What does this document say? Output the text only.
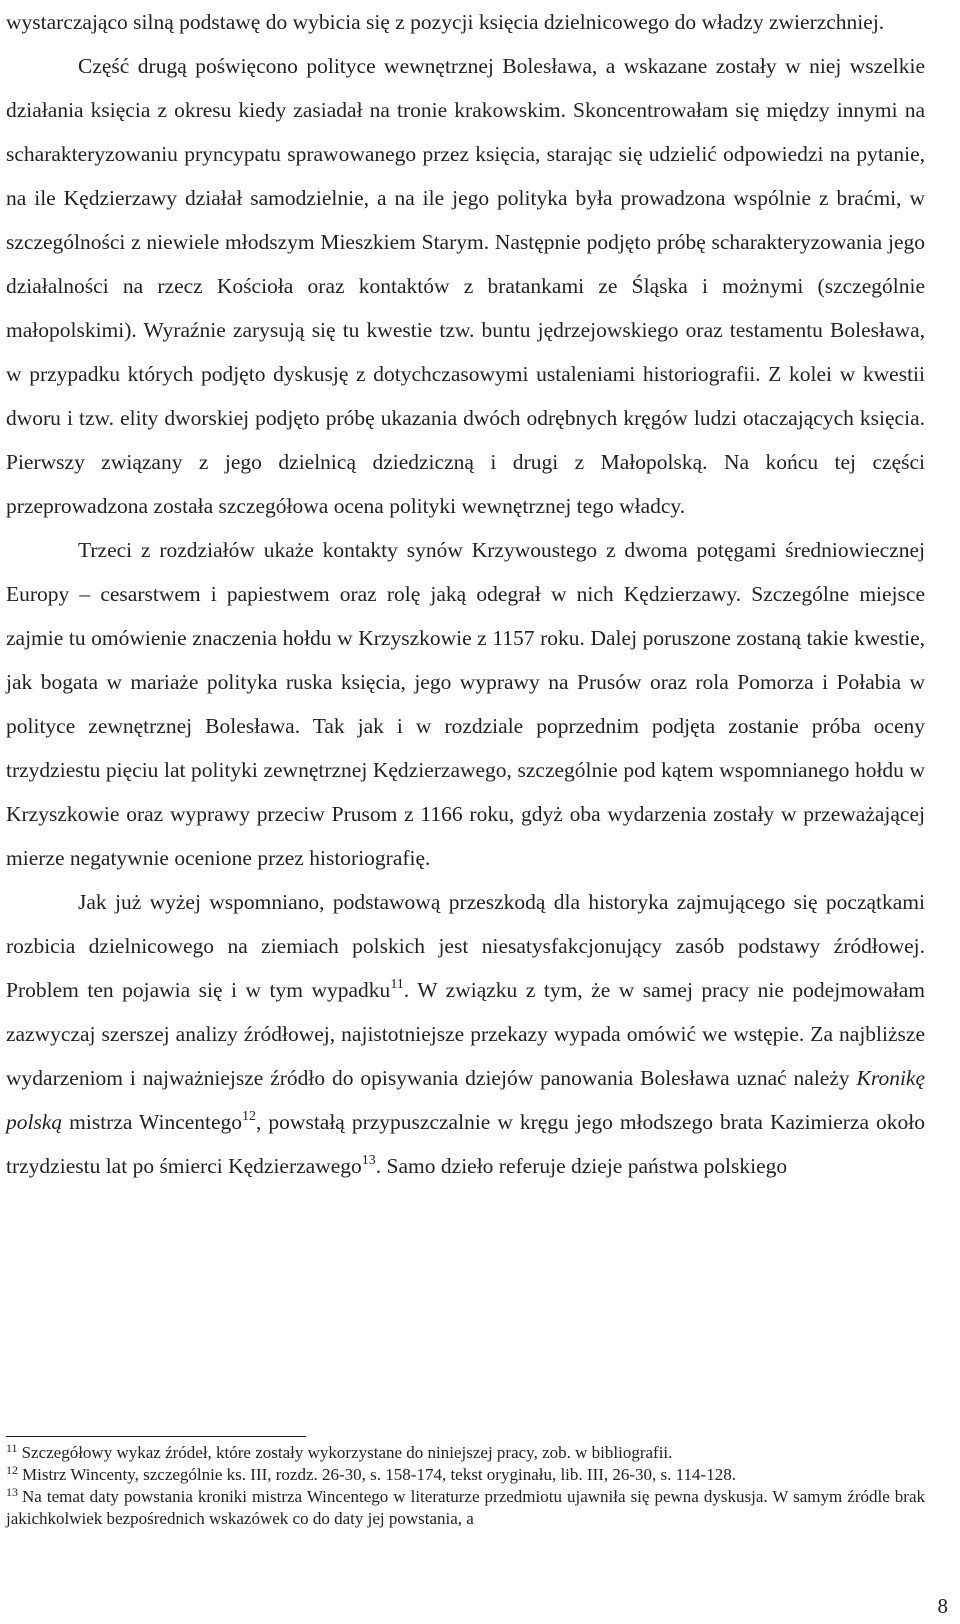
wystarczająco silną podstawę do wybicia się z pozycji księcia dzielnicowego do władzy zwierzchniej.

Część drugą poświęcono polityce wewnętrznej Bolesława, a wskazane zostały w niej wszelkie działania księcia z okresu kiedy zasiadał na tronie krakowskim. Skoncentrowałam się między innymi na scharakteryzowaniu pryncypatu sprawowanego przez księcia, starając się udzielić odpowiedzi na pytanie, na ile Kędzierzawy działał samodzielnie, a na ile jego polityka była prowadzona wspólnie z braćmi, w szczególności z niewiele młodszym Mieszkiem Starym. Następnie podjęto próbę scharakteryzowania jego działalności na rzecz Kościoła oraz kontaktów z bratankami ze Śląska i możnymi (szczególnie małopolskimi). Wyraźnie zarysują się tu kwestie tzw. buntu jędrzejowskiego oraz testamentu Bolesława, w przypadku których podjęto dyskusję z dotychczasowymi ustaleniami historiografii. Z kolei w kwestii dworu i tzw. elity dworskiej podjęto próbę ukazania dwóch odrębnych kręgów ludzi otaczających księcia. Pierwszy związany z jego dzielnicą dziedziczną i drugi z Małopolską. Na końcu tej części przeprowadzona została szczegółowa ocena polityki wewnętrznej tego władcy.

Trzeci z rozdziałów ukaże kontakty synów Krzywoustego z dwoma potęgami średniowiecznej Europy – cesarstwem i papiestwem oraz rolę jaką odegrał w nich Kędzierzawy. Szczególne miejsce zajmie tu omówienie znaczenia hołdu w Krzyszkowie z 1157 roku. Dalej poruszone zostaną takie kwestie, jak bogata w mariaże polityka ruska księcia, jego wyprawy na Prusów oraz rola Pomorza i Połabia w polityce zewnętrznej Bolesława. Tak jak i w rozdziale poprzednim podjęta zostanie próba oceny trzydziestu pięciu lat polityki zewnętrznej Kędzierzawego, szczególnie pod kątem wspomnianego hołdu w Krzyszkowie oraz wyprawy przeciw Prusom z 1166 roku, gdyż oba wydarzenia zostały w przeważającej mierze negatywnie ocenione przez historiografię.

Jak już wyżej wspomniano, podstawową przeszkodą dla historyka zajmującego się początkami rozbicia dzielnicowego na ziemiach polskich jest niesatysfakcjonujący zasób podstawy źródłowej. Problem ten pojawia się i w tym wypadku$^{11}$. W związku z tym, że w samej pracy nie podejmowałam zazwyczaj szerszej analizy źródłowej, najistotniejsze przekazy wypada omówić we wstępie. Za najbliższe wydarzeniom i najważniejsze źródło do opisywania dziejów panowania Bolesława uznać należy Kronikę polską mistrza Wincentego$^{12}$, powstałą przypuszczalnie w kręgu jego młodszego brata Kazimierza około trzydziestu lat po śmierci Kędzierzawego$^{13}$. Samo dzieło referuje dzieje państwa polskiego

$^{11}$ Szczegółowy wykaz źródeł, które zostały wykorzystane do niniejszej pracy, zob. w bibliografii.

$^{12}$ Mistrz Wincenty, szczególnie ks. III, rozdz. 26-30, s. 158-174, tekst oryginału, lib. III, 26-30, s. 114-128.

$^{13}$ Na temat daty powstania kroniki mistrza Wincentego w literaturze przedmiotu ujawniła się pewna dyskusja. W samym źródle brak jakichkolwiek bezpośrednich wskazówek co do daty jej powstania, a

8
